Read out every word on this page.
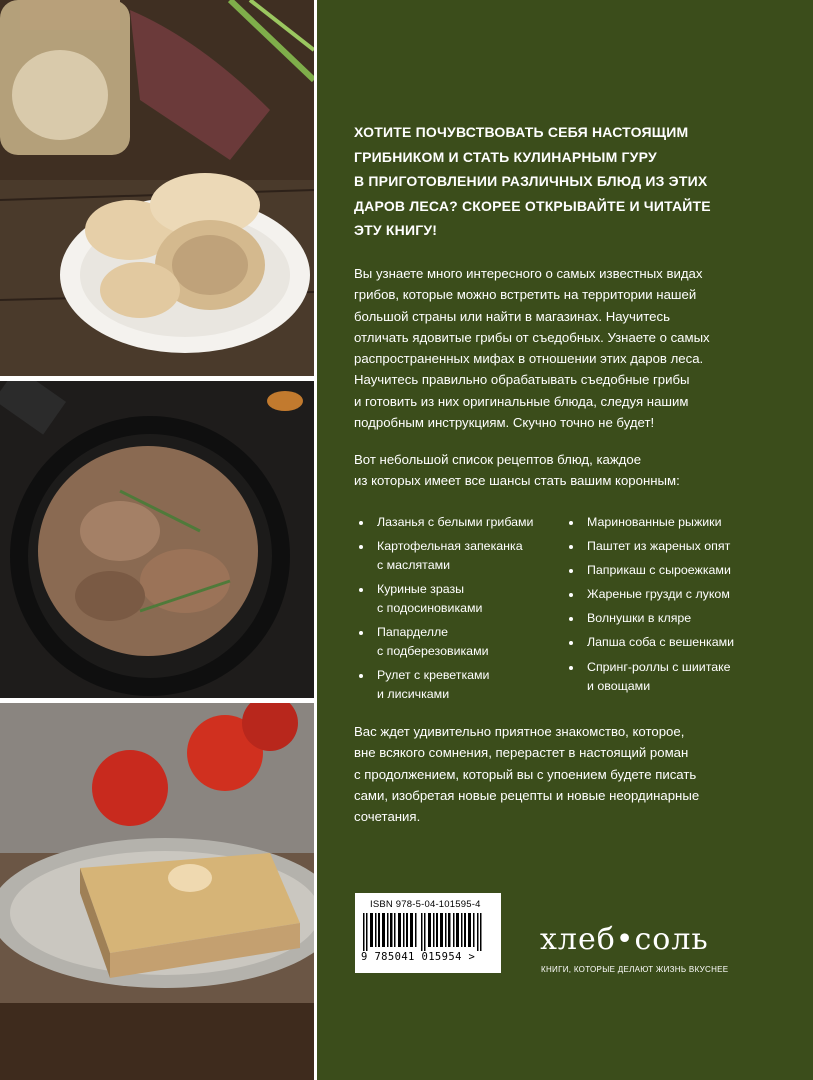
ХОТИТЕ ПОЧУВСТВОВАТЬ СЕБЯ НАСТОЯЩИМ
ГРИБНИКОМ И СТАТЬ КУЛИНАРНЫМ ГУРУ
В ПРИГОТОВЛЕНИИ РАЗЛИЧНЫХ БЛЮД ИЗ ЭТИХ
ДАРОВ ЛЕСА? СКОРЕЕ ОТКРЫВАЙТЕ И ЧИТАЙТЕ
ЭТУ КНИГУ!
Вы узнаете много интересного о самых известных видах
грибов, которые можно встретить на территории нашей
большой страны или найти в магазинах. Научитесь
отличать ядовитые грибы от съедобных. Узнаете о самых
распространенных мифах в отношении этих даров леса.
Научитесь правильно обрабатывать съедобные грибы
и готовить из них оригинальные блюда, следуя нашим
подробным инструкциям. Скучно точно не будет!
Вот небольшой список рецептов блюд, каждое
из которых имеет все шансы стать вашим коронным:
Лазанья с белыми грибами
Картофельная запеканка
с маслятами
Куриные зразы
с подосиновиками
Папарделле
с подберезовиками
Рулет с креветками
и лисичками
Маринованные рыжики
Паштет из жареных опят
Паприкаш с сыроежками
Жареные грузди с луком
Волнушки в кляре
Лапша соба с вешенками
Спринг-роллы с шиитаке
и овощами
Вас ждет удивительно приятное знакомство, которое,
вне всякого сомнения, перерастет в настоящий роман
с продолжением, который вы с упоением будете писать
сами, изобретая новые рецепты и новые неординарные
сочетания.
ISBN 978-5-04-101595-4
9 785041 015954 > хлеб•соль
КНИГИ, КОТОРЫЕ ДЕЛАЮТ ЖИЗНЬ ВКУСНЕЕ
